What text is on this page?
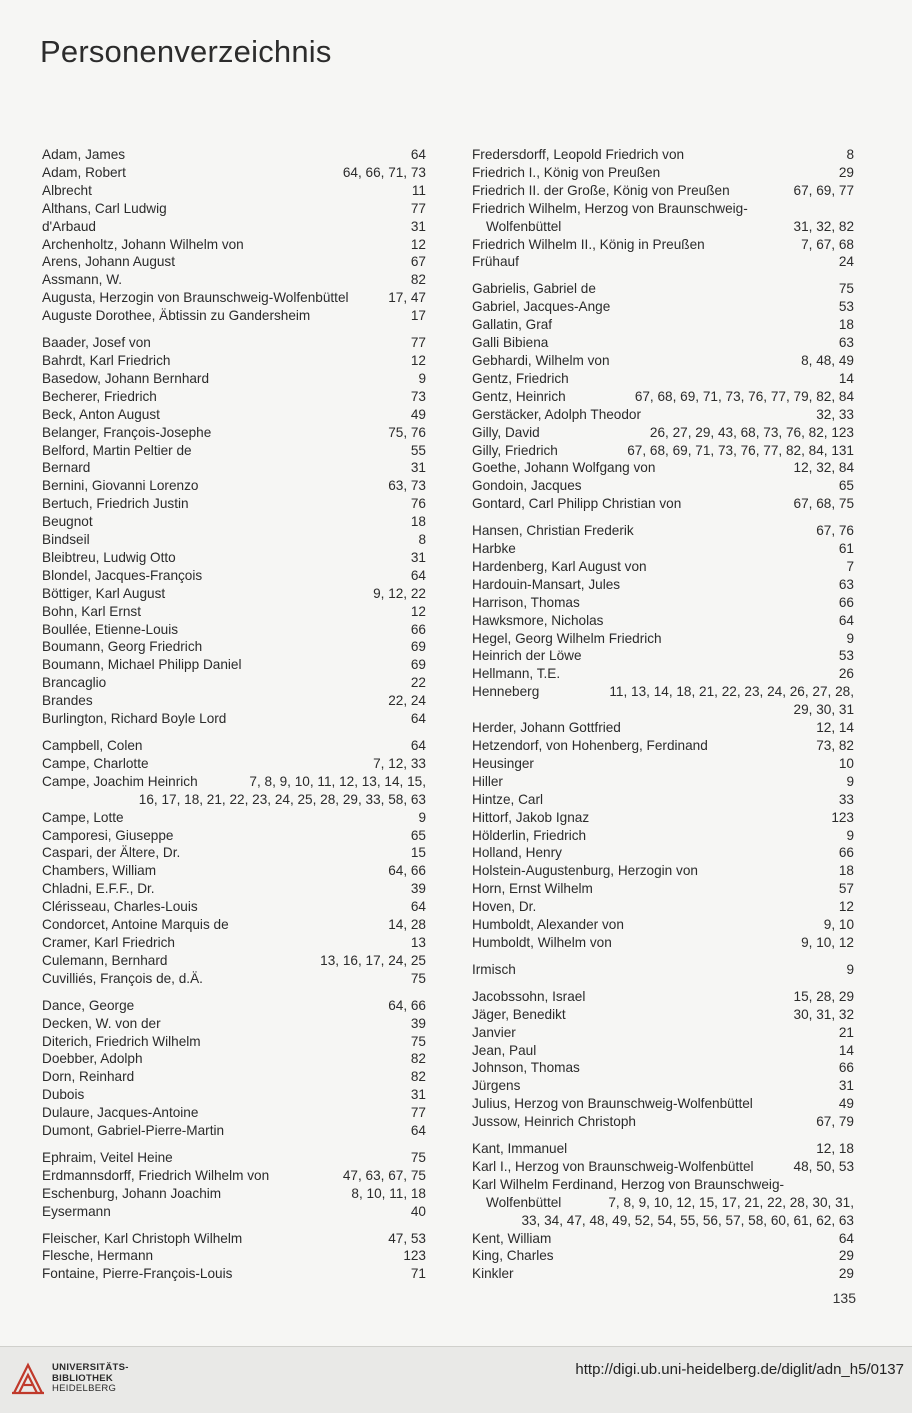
Personenverzeichnis
Adam, James	64
Adam, Robert	64, 66, 71, 73
Albrecht	11
Althans, Carl Ludwig	77
d'Arbaud	31
Archenholtz, Johann Wilhelm von	12
Arens, Johann August	67
Assmann, W.	82
Augusta, Herzogin von Braunschweig-Wolfenbüttel	17, 47
Auguste Dorothee, Äbtissin zu Gandersheim	17
Baader, Josef von	77
Bahrdt, Karl Friedrich	12
Basedow, Johann Bernhard	9
Becherer, Friedrich	73
Beck, Anton August	49
Belanger, François-Josephe	75, 76
Belford, Martin Peltier de	55
Bernard	31
Bernini, Giovanni Lorenzo	63, 73
Bertuch, Friedrich Justin	76
Beugnot	18
Bindseil	8
Bleibtreu, Ludwig Otto	31
Blondel, Jacques-François	64
Böttiger, Karl August	9, 12, 22
Bohn, Karl Ernst	12
Boullée, Etienne-Louis	66
Boumann, Georg Friedrich	69
Boumann, Michael Philipp Daniel	69
Brancaglio	22
Brandes	22, 24
Burlington, Richard Boyle Lord	64
Campbell, Colen	64
Campe, Charlotte	7, 12, 33
Campe, Joachim Heinrich	7, 8, 9, 10, 11, 12, 13, 14, 15,
16, 17, 18, 21, 22, 23, 24, 25, 28, 29, 33, 58, 63
Campe, Lotte	9
Camporesi, Giuseppe	65
Caspari, der Ältere, Dr.	15
Chambers, William	64, 66
Chladni, E.F.F., Dr.	39
Clérisseau, Charles-Louis	64
Condorcet, Antoine Marquis de	14, 28
Cramer, Karl Friedrich	13
Culemann, Bernhard	13, 16, 17, 24, 25
Cuvilliés, François de, d.Ä.	75
Dance, George	64, 66
Decken, W. von der	39
Diterich, Friedrich Wilhelm	75
Doebber, Adolph	82
Dorn, Reinhard	82
Dubois	31
Dulaure, Jacques-Antoine	77
Dumont, Gabriel-Pierre-Martin	64
Ephraim, Veitel Heine	75
Erdmannsdorff, Friedrich Wilhelm von	47, 63, 67, 75
Eschenburg, Johann Joachim	8, 10, 11, 18
Eysermann	40
Fleischer, Karl Christoph Wilhelm	47, 53
Flesche, Hermann	123
Fontaine, Pierre-François-Louis	71
Fredersdorff, Leopold Friedrich von	8
Friedrich I., König von Preußen	29
Friedrich II. der Große, König von Preußen	67, 69, 77
Friedrich Wilhelm, Herzog von Braunschweig-
Wolfenbüttel	31, 32, 82
Friedrich Wilhelm II., König in Preußen	7, 67, 68
Frühauf	24
Gabrielis, Gabriel de	75
Gabriel, Jacques-Ange	53
Gallatin, Graf	18
Galli Bibiena	63
Gebhardi, Wilhelm von	8, 48, 49
Gentz, Friedrich	14
Gentz, Heinrich	67, 68, 69, 71, 73, 76, 77, 79, 82, 84
Gerstäcker, Adolph Theodor	32, 33
Gilly, David	26, 27, 29, 43, 68, 73, 76, 82, 123
Gilly, Friedrich	67, 68, 69, 71, 73, 76, 77, 82, 84, 131
Goethe, Johann Wolfgang von	12, 32, 84
Gondoin, Jacques	65
Gontard, Carl Philipp Christian von	67, 68, 75
Hansen, Christian Frederik	67, 76
Harbke	61
Hardenberg, Karl August von	7
Hardouin-Mansart, Jules	63
Harrison, Thomas	66
Hawksmore, Nicholas	64
Hegel, Georg Wilhelm Friedrich	9
Heinrich der Löwe	53
Hellmann, T.E.	26
Henneberg	11, 13, 14, 18, 21, 22, 23, 24, 26, 27, 28,
29, 30, 31
Herder, Johann Gottfried	12, 14
Hetzendorf, von Hohenberg, Ferdinand	73, 82
Heusinger	10
Hiller	9
Hintze, Carl	33
Hittorf, Jakob Ignaz	123
Hölderlin, Friedrich	9
Holland, Henry	66
Holstein-Augustenburg, Herzogin von	18
Horn, Ernst Wilhelm	57
Hoven, Dr.	12
Humboldt, Alexander von	9, 10
Humboldt, Wilhelm von	9, 10, 12
Irmisch	9
Jacobssohn, Israel	15, 28, 29
Jäger, Benedikt	30, 31, 32
Janvier	21
Jean, Paul	14
Johnson, Thomas	66
Jürgens	31
Julius, Herzog von Braunschweig-Wolfenbüttel	49
Jussow, Heinrich Christoph	67, 79
Kant, Immanuel	12, 18
Karl I., Herzog von Braunschweig-Wolfenbüttel	48, 50, 53
Karl Wilhelm Ferdinand, Herzog von Braunschweig-
Wolfenbüttel	7, 8, 9, 10, 12, 15, 17, 21, 22, 28, 30, 31,
33, 34, 47, 48, 49, 52, 54, 55, 56, 57, 58, 60, 61, 62, 63
Kent, William	64
King, Charles	29
Kinkler	29
135
UNIVERSITÄTS-
BIBLIOTHEK
HEIDELBERG
http://digi.ub.uni-heidelberg.de/diglit/adn_h5/0137
